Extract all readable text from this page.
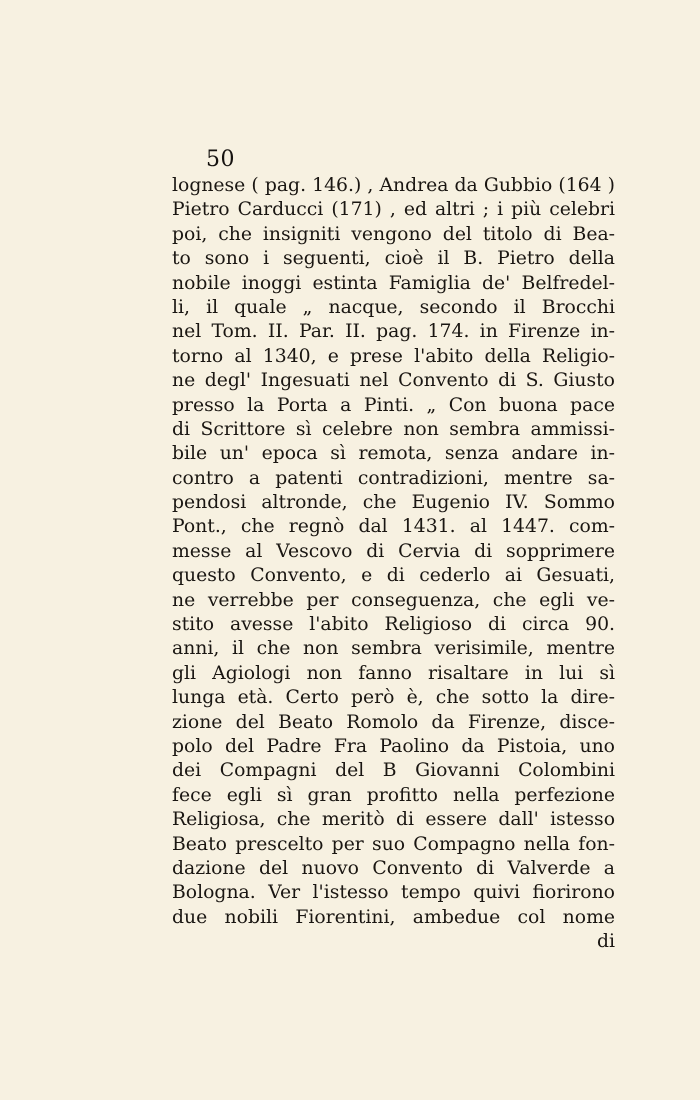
50
lognese ( pag. 146.) , Andrea da Gubbio (164 )
Pietro Carducci (171) , ed altri ; i più celebri
poi, che insigniti vengono del titolo di Bea-
to sono i seguenti, cioè il B. Pietro della
nobile inoggi estinta Famiglia de' Belfredel-
li, il quale „ nacque, secondo il Brocchi
nel Tom. II. Par. II. pag. 174. in Firenze in-
torno al 1340, e prese l'abito della Religio-
ne degl' Ingesuati nel Convento di S. Giusto
presso la Porta a Pinti. „ Con buona pace
di Scrittore sì celebre non sembra ammissi-
bile un' epoca sì remota, senza andare in-
contro a patenti contradizioni, mentre sa-
pendosi altronde, che Eugenio IV. Sommo
Pont., che regnò dal 1431. al 1447. com-
messe al Vescovo di Cervia di sopprimere
questo Convento, e di cederlo ai Gesuati,
ne verrebbe per conseguenza, che egli ve-
stito avesse l'abito Religioso di circa 90.
anni, il che non sembra verisimile, mentre
gli Agiologi non fanno risaltare in lui sì
lunga età. Certo però è, che sotto la dire-
zione del Beato Romolo da Firenze, disce-
polo del Padre Fra Paolino da Pistoia, uno
dei Compagni del B Giovanni Colombini
fece egli sì gran profitto nella perfezione
Religiosa, che meritò di essere dall' istesso
Beato prescelto per suo Compagno nella fon-
dazione del nuovo Convento di Valverde a
Bologna. Ver l'istesso tempo quivi fiorirono
due nobili Fiorentini, ambedue col nome
di
